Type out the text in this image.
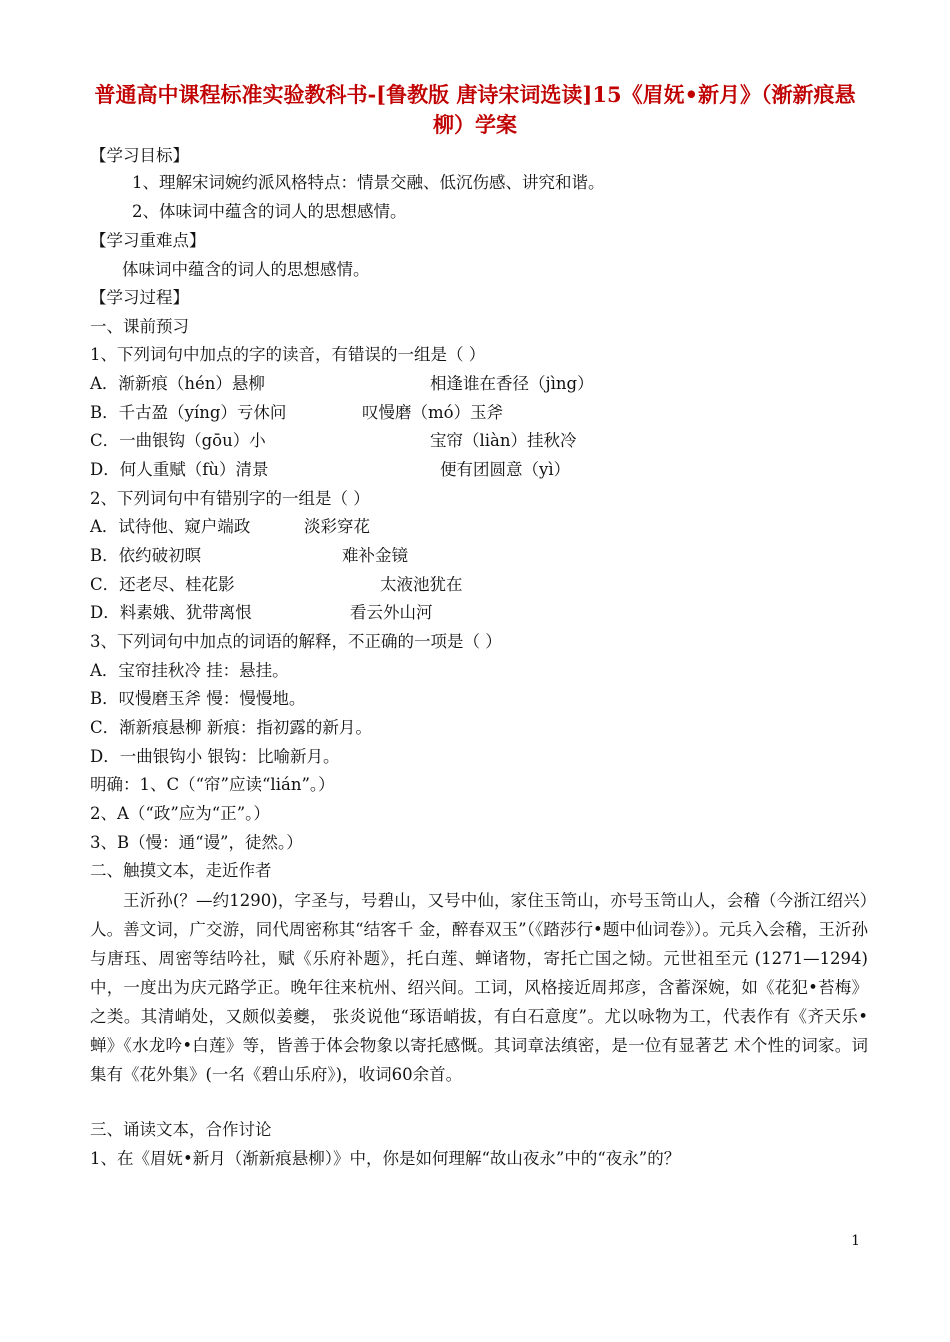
普通高中课程标准实验教科书-[鲁教版 唐诗宋词选读]15《眉妩•新月》（渐新痕悬柳）学案
【学习目标】
1、理解宋词婉约派风格特点：情景交融、低沉伤感、讲究和谐。
2、体味词中蕴含的词人的思想感情。
【学习重难点】
体味词中蕴含的词人的思想感情。
【学习过程】
一、课前预习
1、下列词句中加点的字的读音，有错误的一组是（ ）
A．渐新痕（hén）悬柳	相逢谁在香径（jìng）
B．千古盈（yíng）亏休问	叹慢磨（mó）玉斧
C．一曲银钩（gōu）小	宝帘（liàn）挂秋冷
D．何人重赋（fù）清景	便有团圆意（yì）
2、下列词句中有错别字的一组是（ ）
A．试待他、窥户端政	淡彩穿花
B．依约破初暝	难补金镜
C．还老尽、桂花影	太液池犹在
D．料素娥、犹带离恨	看云外山河
3、下列词句中加点的词语的解释，不正确的一项是（ ）
A．宝帘挂秋冷 挂：悬挂。
B．叹慢磨玉斧 慢：慢慢地。
C．渐新痕悬柳 新痕：指初露的新月。
D．一曲银钩小 银钩：比喻新月。
明确：1、C（“帘”应读“lián”。）
2、A（“政”应为“正”。）
3、B（慢：通“谩”，徒然。）
二、触摸文本，走近作者
王沂孙(？—约1290)，字圣与，号碧山，又号中仙，家住玉笥山，亦号玉笥山人，会稽（今浙江绍兴）人。善文词，广交游，同代周密称其“结客千 金，醉春双玉”（《踏莎行•题中仙词卷》）。元兵入会稽，王沂孙与唐珏、周密等结吟社，赋《乐府补题》，托白莲、蝉诸物，寄托亡国之恸。元世祖至元 (1271—1294)中，一度出为庆元路学正。晚年往来杭州、绍兴间。工词，风格接近周邦彦，含蓄深婉，如《花犯•苔梅》之类。其清峭处，又颇似姜夔， 张炎说他“琢语峭拔，有白石意度”。尤以咏物为工，代表作有《齐天乐•蝉》《水龙吟•白莲》等，皆善于体会物象以寄托感慨。其词章法缜密，是一位有显著艺 术个性的词家。词集有《花外集》(一名《碧山乐府》)，收词60余首。
三、诵读文本，合作讨论
1、在《眉妩•新月（渐新痕悬柳）》中，你是如何理解“故山夜永”中的“夜永”的？
1
